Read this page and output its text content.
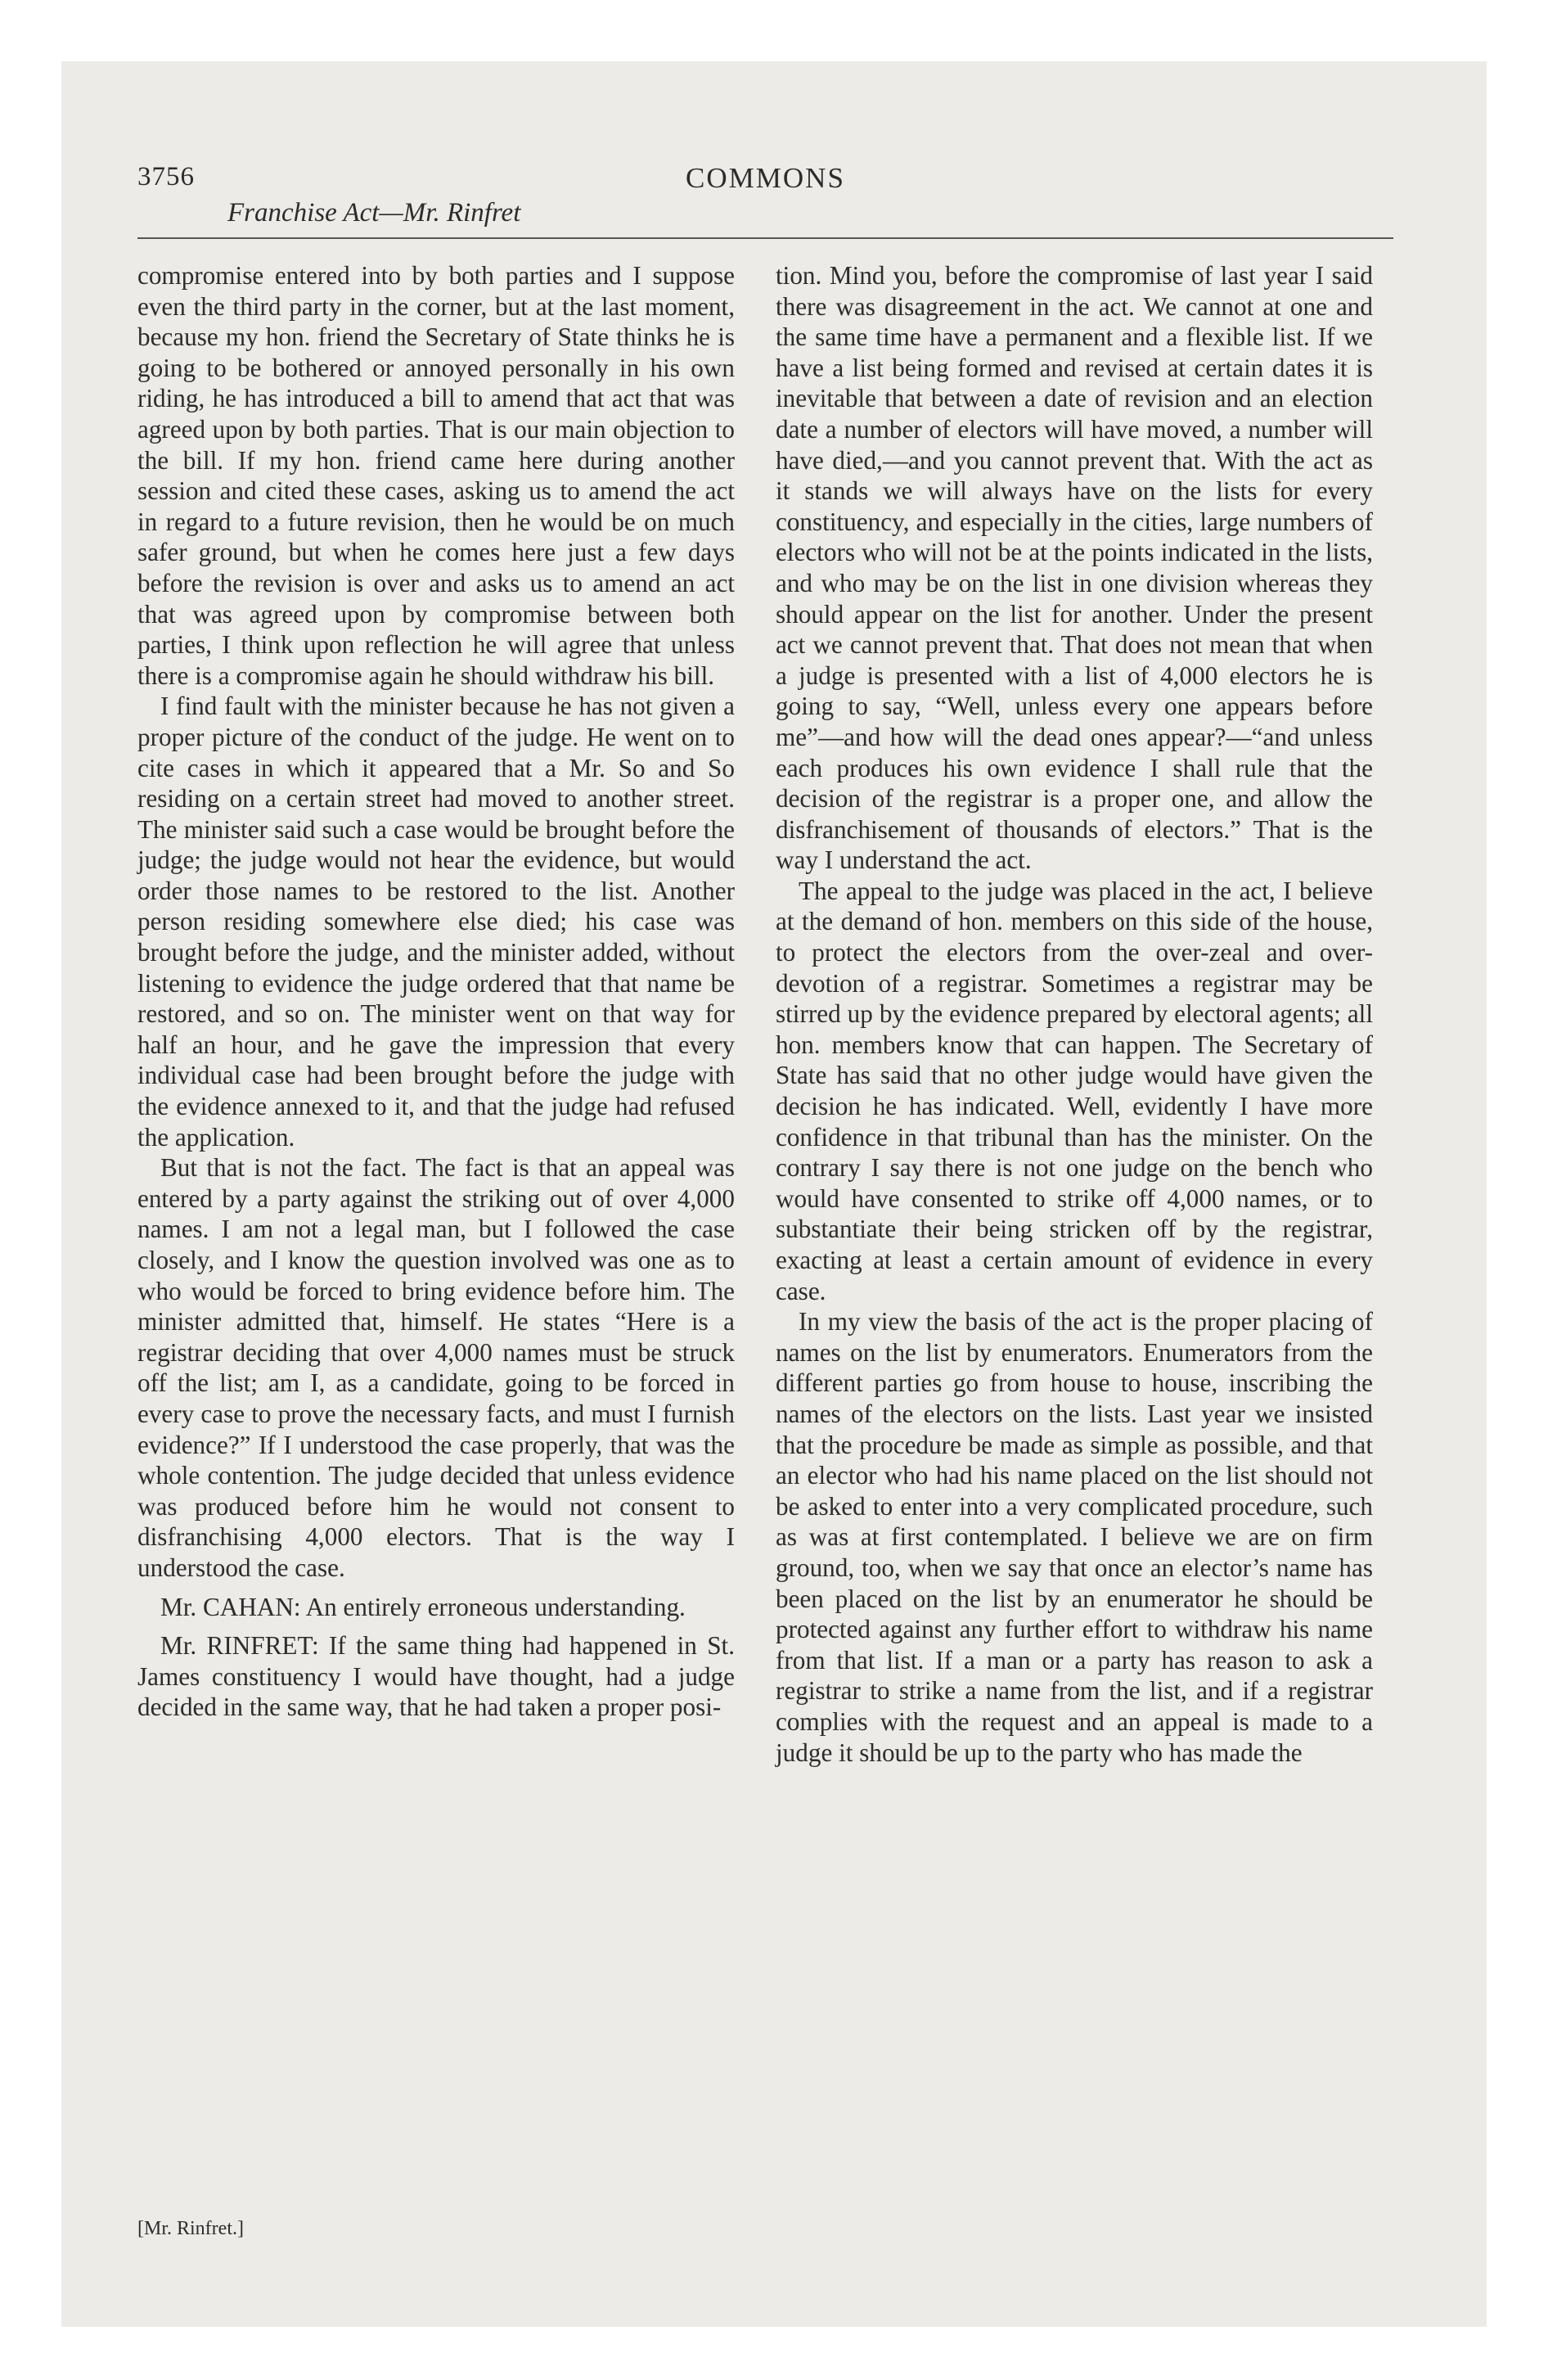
3756	COMMONS
Franchise Act—Mr. Rinfret

compromise entered into by both parties and I suppose even the third party in the corner, but at the last moment, because my hon. friend the Secretary of State thinks he is going to be bothered or annoyed personally in his own riding, he has introduced a bill to amend that act that was agreed upon by both parties. That is our main objection to the bill. If my hon. friend came here during another session and cited these cases, asking us to amend the act in regard to a future revision, then he would be on much safer ground, but when he comes here just a few days before the revision is over and asks us to amend an act that was agreed upon by compromise between both parties, I think upon reflection he will agree that unless there is a compromise again he should withdraw his bill.

I find fault with the minister because he has not given a proper picture of the conduct of the judge. He went on to cite cases in which it appeared that a Mr. So and So residing on a certain street had moved to another street. The minister said such a case would be brought before the judge; the judge would not hear the evidence, but would order those names to be restored to the list. Another person residing somewhere else died; his case was brought before the judge, and the minister added, without listening to evidence the judge ordered that that name be restored, and so on. The minister went on that way for half an hour, and he gave the impression that every individual case had been brought before the judge with the evidence annexed to it, and that the judge had refused the application.

But that is not the fact. The fact is that an appeal was entered by a party against the striking out of over 4,000 names. I am not a legal man, but I followed the case closely, and I know the question involved was one as to who would be forced to bring evidence before him. The minister admitted that, himself. He states “Here is a registrar deciding that over 4,000 names must be struck off the list; am I, as a candidate, going to be forced in every case to prove the necessary facts, and must I furnish evidence?” If I understood the case properly, that was the whole contention. The judge decided that unless evidence was produced before him he would not consent to disfranchising 4,000 electors. That is the way I understood the case.

Mr. CAHAN: An entirely erroneous understanding.

Mr. RINFRET: If the same thing had happened in St. James constituency I would have thought, had a judge decided in the same way, that he had taken a proper posi-

tion. Mind you, before the compromise of last year I said there was disagreement in the act. We cannot at one and the same time have a permanent and a flexible list. If we have a list being formed and revised at certain dates it is inevitable that between a date of revision and an election date a number of electors will have moved, a number will have died,—and you cannot prevent that. With the act as it stands we will always have on the lists for every constituency, and especially in the cities, large numbers of electors who will not be at the points indicated in the lists, and who may be on the list in one division whereas they should appear on the list for another. Under the present act we cannot prevent that. That does not mean that when a judge is presented with a list of 4,000 electors he is going to say, “Well, unless every one appears before me”—and how will the dead ones appear?—“and unless each produces his own evidence I shall rule that the decision of the registrar is a proper one, and allow the disfranchisement of thousands of electors.” That is the way I understand the act.

The appeal to the judge was placed in the act, I believe at the demand of hon. members on this side of the house, to protect the electors from the over-zeal and over-devotion of a registrar. Sometimes a registrar may be stirred up by the evidence prepared by electoral agents; all hon. members know that can happen. The Secretary of State has said that no other judge would have given the decision he has indicated. Well, evidently I have more confidence in that tribunal than has the minister. On the contrary I say there is not one judge on the bench who would have consented to strike off 4,000 names, or to substantiate their being stricken off by the registrar, exacting at least a certain amount of evidence in every case.

In my view the basis of the act is the proper placing of names on the list by enumerators. Enumerators from the different parties go from house to house, inscribing the names of the electors on the lists. Last year we insisted that the procedure be made as simple as possible, and that an elector who had his name placed on the list should not be asked to enter into a very complicated procedure, such as was at first contemplated. I believe we are on firm ground, too, when we say that once an elector’s name has been placed on the list by an enumerator he should be protected against any further effort to withdraw his name from that list. If a man or a party has reason to ask a registrar to strike a name from the list, and if a registrar complies with the request and an appeal is made to a judge it should be up to the party who has made the

[Mr. Rinfret.]
